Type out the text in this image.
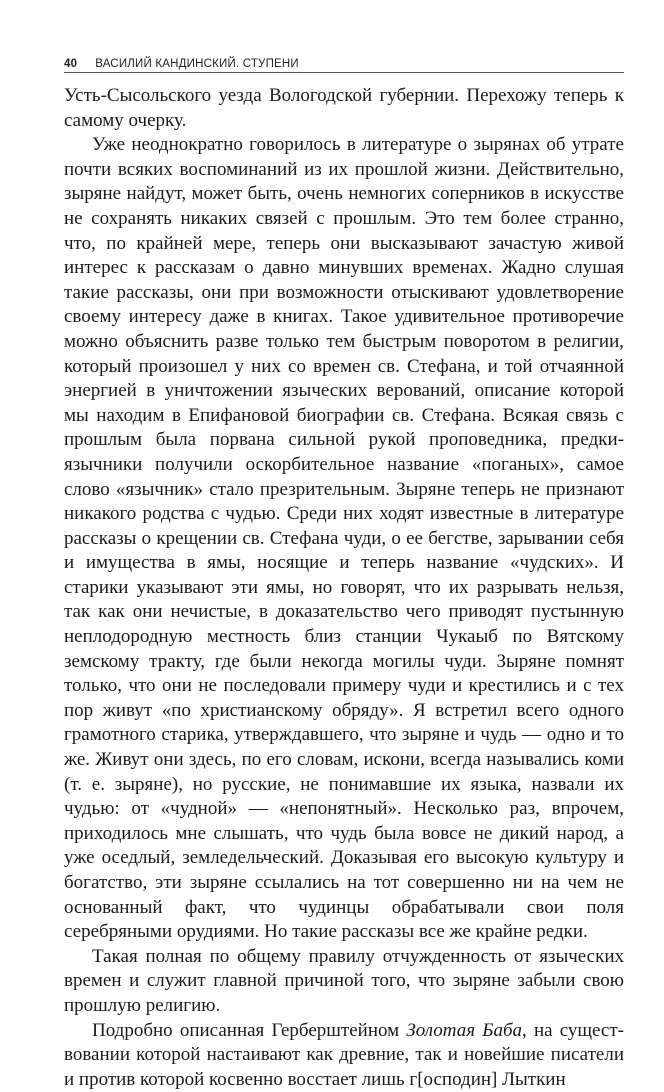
40 ВАСИЛИЙ КАНДИНСКИЙ. СТУПЕНИ

Усть-Сысольского уезда Вологодской губернии. Перехожу теперь к самому очерку.

Уже неоднократно говорилось в литературе о зырянах об утрате почти всяких воспоминаний из их прошлой жизни. Действительно, зыряне найдут, может быть, очень немногих соперников в искусстве не сохранять никаких связей с прошлым. Это тем более странно, что, по крайней мере, теперь они высказывают зачастую живой интерес к рассказам о давно минувших временах. Жадно слушая такие рассказы, они при возможности отыскивают удовлетворение своему интересу даже в книгах. Такое удивительное противоречие можно объяснить разве только тем быстрым поворотом в религии, который произошел у них со времен св. Стефана, и той отчаянной энергией в уничтожении языческих верований, описание которой мы находим в Епифановой биографии св. Стефана. Всякая связь с прошлым была порвана сильной рукой проповедника, предки-язычники получили оскорбительное название «поганых», самое слово «язычник» стало презрительным. Зыряне теперь не признают никакого родства с чудью. Среди них ходят известные в литературе рассказы о крещении св. Стефана чуди, о ее бегстве, зарывании себя и имущества в ямы, носящие и теперь название «чудских». И старики указывают эти ямы, но говорят, что их разрывать нельзя, так как они нечистые, в доказательство чего приводят пустынную неплодородную местность близ станции Чукаыб по Вятскому земскому тракту, где были некогда могилы чуди. Зыряне помнят только, что они не последовали примеру чуди и крестились и с тех пор живут «по христианскому обряду». Я встретил всего одного грамотного старика, утверждавшего, что зыряне и чудь — одно и то же. Живут они здесь, по его словам, искони, всегда назывались коми (т. е. зыряне), но русские, не понимавшие их языка, назвали их чудью: от «чудной» — «непонятный». Несколько раз, впрочем, приходилось мне слышать, что чудь была вовсе не дикий народ, а уже оседлый, земледельческий. Доказывая его высокую культуру и богатство, эти зыряне ссылались на тот совершенно ни на чем не основанный факт, что чудинцы обрабатывали свои поля серебряными орудиями. Но такие рассказы все же крайне редки.

Такая полная по общему правилу отчужденность от языческих времен и служит главной причиной того, что зыряне забыли свою прошлую религию.

Подробно описанная Герберштейном Золотая Баба, на существовании которой настаивают как древние, так и новейшие писатели и против которой косвенно восстает лишь г[осподин] Лыткин
